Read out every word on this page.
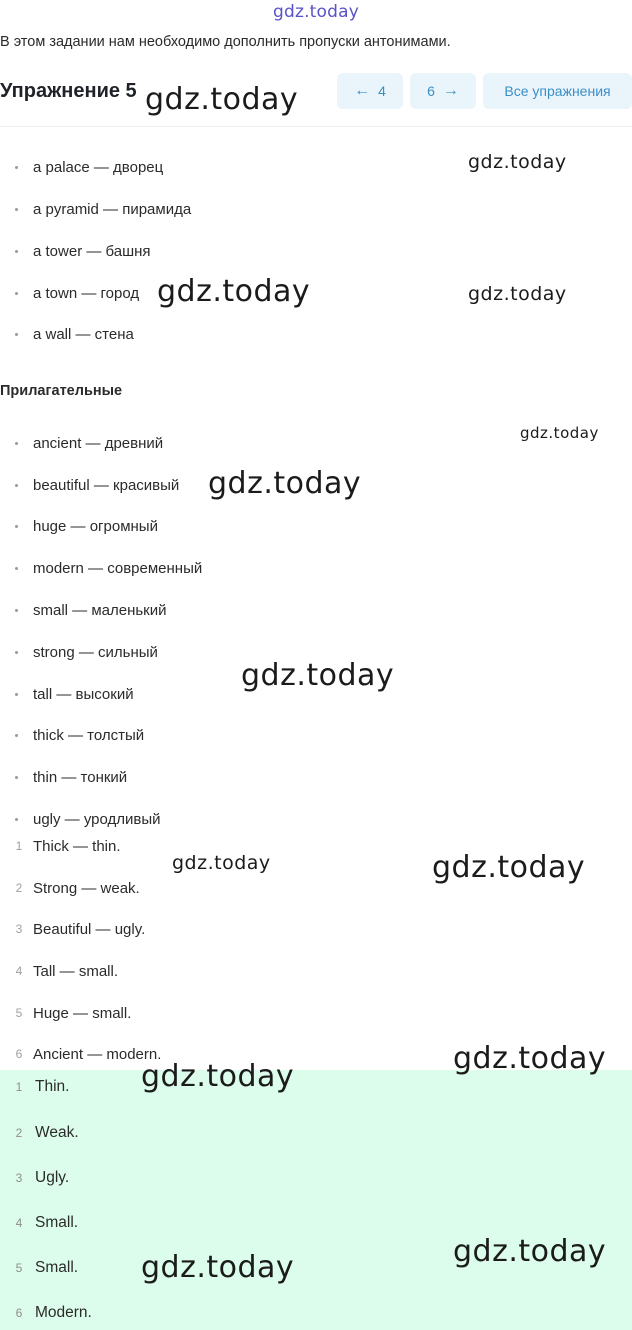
gdz.today

В этом задании нам необходимо дополнить пропуски антонимами.

Упражнение 5	← 4	6 →	Все упражнения
a palace — дворец
a pyramid — пирамида
a tower — башня
a town — город
a wall — стена
Прилагательные
ancient — древний
beautiful — красивый
huge — огромный
modern — современный
small — маленький
strong — сильный
tall — высокий
thick — толстый
thin — тонкий
ugly — уродливый
1 Thick — thin.
2 Strong — weak.
3 Beautiful — ugly.
4 Tall — small.
5 Huge — small.
6 Ancient — modern.
1 Thin.
2 Weak.
3 Ugly.
4 Small.
5 Small.
6 Modern.
gdz.today
gdz.today
gdz.today	gdz.today
gdz.today
gdz.today
gdz.today
gdz.today	gdz.today
gdz.today
gdz.today
gdz.today
gdz.today
